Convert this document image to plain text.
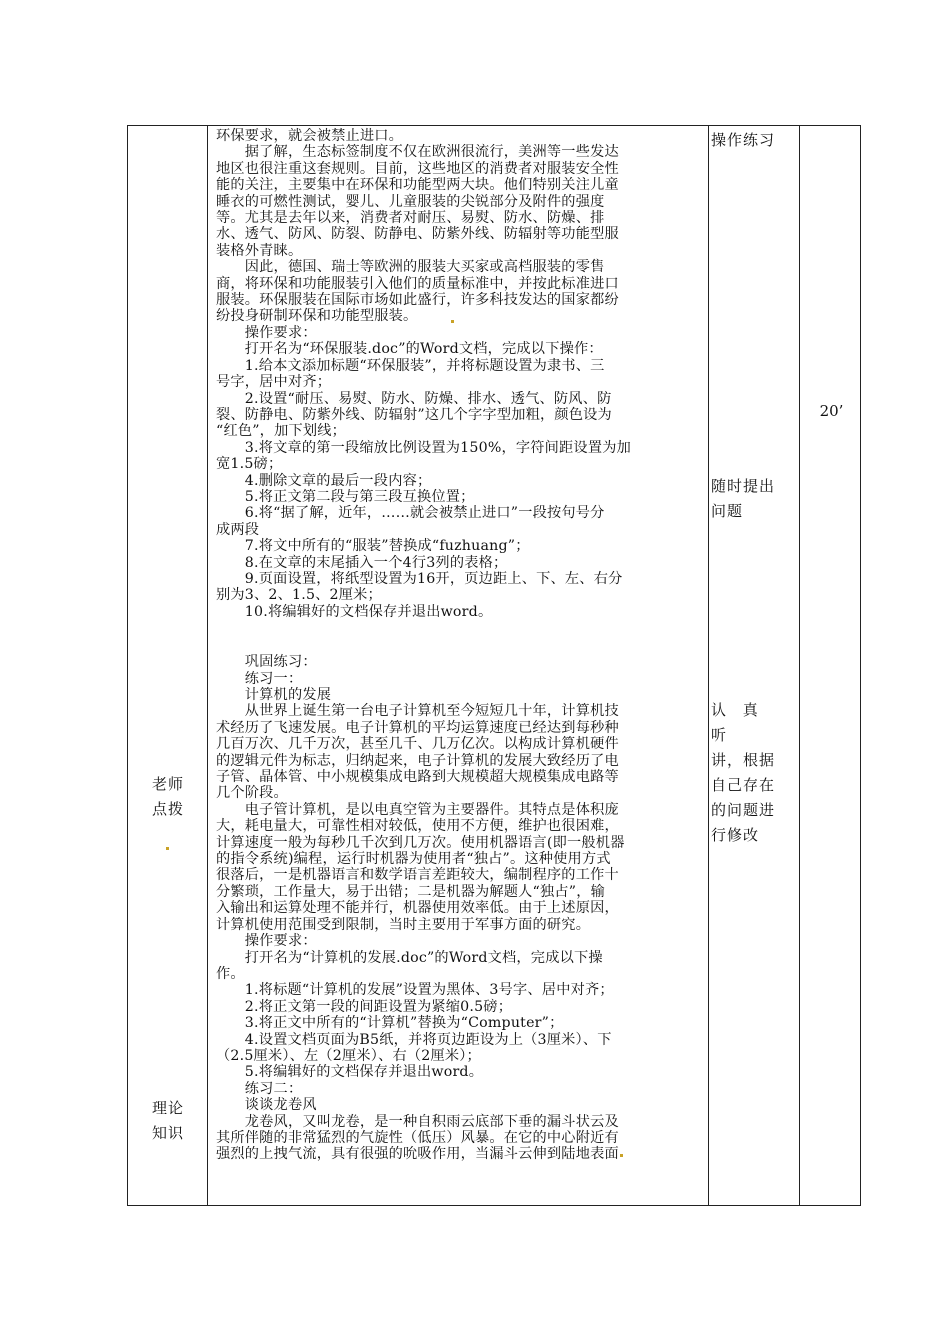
老师
点拨
理论
知识

环保要求，就会被禁止进口。

　　据了解，生态标签制度不仅在欧洲很流行，美洲等一些发达

地区也很注重这套规则。目前，这些地区的消费者对服装安全性

能的关注，主要集中在环保和功能型两大块。他们特别关注儿童

睡衣的可燃性测试，婴儿、儿童服装的尖锐部分及附件的强度

等。尤其是去年以来，消费者对耐压、易熨、防水、防燥、排

水、透气、防风、防裂、防静电、防紫外线、防辐射等功能型服

装格外青睐。

　　因此，德国、瑞士等欧洲的服装大买家或高档服装的零售

商，将环保和功能服装引入他们的质量标准中，并按此标准进口

服装。环保服装在国际市场如此盛行，许多科技发达的国家都纷

纷投身研制环保和功能型服装。

　　操作要求：

　　打开名为“环保服装.doc”的Word文档，完成以下操作：

　　1.给本文添加标题“环保服装”，并将标题设置为隶书、三

号字，居中对齐；

　　2.设置“耐压、易熨、防水、防燥、排水、透气、防风、防

裂、防静电、防紫外线、防辐射”这几个字字型加粗，颜色设为

“红色”，加下划线；

　　3.将文章的第一段缩放比例设置为150%，字符间距设置为加

宽1.5磅；

　　4.删除文章的最后一段内容；

　　5.将正文第二段与第三段互换位置；

　　6.将“据了解，近年，……就会被禁止进口”一段按句号分

成两段

　　7.将文中所有的“服装”替换成“fuzhuang”；

　　8.在文章的末尾插入一个4行3列的表格；

　　9.页面设置，将纸型设置为16开，页边距上、下、左、右分

别为3、2、1.5、2厘米；

　　10.将编辑好的文档保存并退出word。

　　巩固练习：

　　练习一：

　　计算机的发展

　　从世界上诞生第一台电子计算机至今短短几十年，计算机技

术经历了飞速发展。电子计算机的平均运算速度已经达到每秒种

几百万次、几千万次，甚至几千、几万亿次。以构成计算机硬件

的逻辑元件为标志，归纳起来，电子计算机的发展大致经历了电

子管、晶体管、中小规模集成电路到大规模超大规模集成电路等

几个阶段。

　　电子管计算机，是以电真空管为主要器件。其特点是体积庞

大，耗电量大，可靠性相对较低，使用不方便，维护也很困难，

计算速度一般为每秒几千次到几万次。使用机器语言(即一般机器

的指令系统)编程，运行时机器为使用者“独占”。这种使用方式

很落后，一是机器语言和数学语言差距较大，编制程序的工作十

分繁琐，工作量大，易于出错；二是机器为解题人“独占”，输

入输出和运算处理不能并行，机器使用效率低。由于上述原因，

计算机使用范围受到限制，当时主要用于军事方面的研究。

　　操作要求：

　　打开名为“计算机的发展.doc”的Word文档，完成以下操

作。

　　1.将标题“计算机的发展”设置为黑体、3号字、居中对齐；

　　2.将正文第一段的间距设置为紧缩0.5磅；

　　3.将正文中所有的“计算机”替换为“Computer”；

　　4.设置文档页面为B5纸，并将页边距设为上（3厘米）、下

（2.5厘米）、左（2厘米）、右（2厘米）；

　　5.将编辑好的文档保存并退出word。

　　练习二：

　　谈谈龙卷风

　　龙卷风，又叫龙卷，是一种自积雨云底部下垂的漏斗状云及

其所伴随的非常猛烈的气旋性（低压）风暴。在它的中心附近有

强烈的上拽气流，具有很强的吮吸作用，当漏斗云伸到陆地表面

操作练习
随时提出
问题
认 真 听
讲，根据
自己存在
的问题进
行修改
20’
